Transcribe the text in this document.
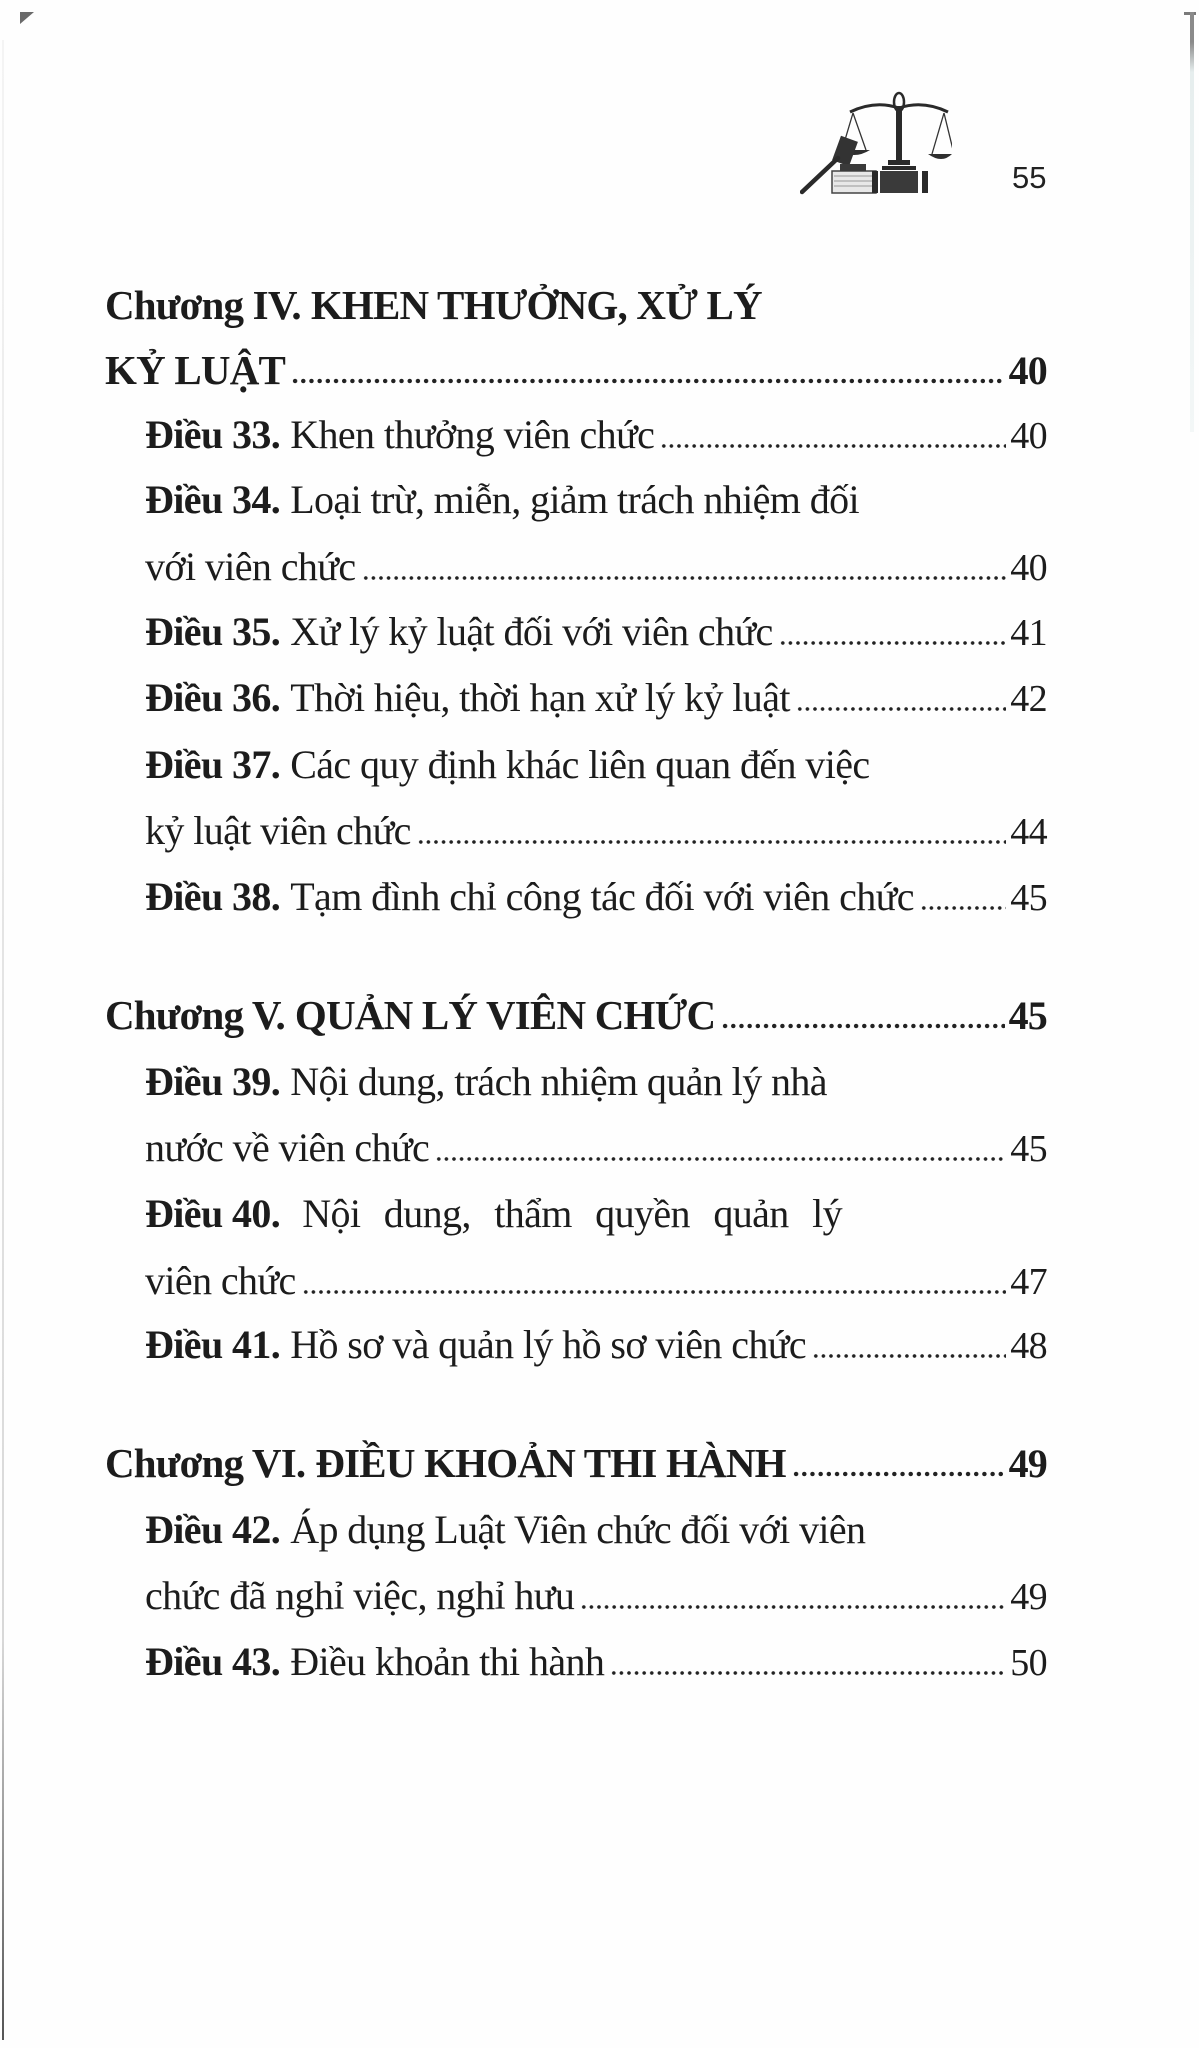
55
Chương IV. KHEN THƯỞNG, XỬ LÝ
KỶ LUẬT	40
Điều 33. Khen thưởng viên chức	40
Điều 34. Loại trừ, miễn, giảm trách nhiệm đối
với viên chức	40
Điều 35. Xử lý kỷ luật đối với viên chức	41
Điều 36. Thời hiệu, thời hạn xử lý kỷ luật	42
Điều 37. Các quy định khác liên quan đến việc
kỷ luật viên chức	44
Điều 38. Tạm đình chỉ công tác đối với viên chức	45
Chương V. QUẢN LÝ VIÊN CHỨC	45
Điều 39. Nội dung, trách nhiệm quản lý nhà
nước về viên chức	45
Điều 40. Nội dung, thẩm quyền quản lý
viên chức	47
Điều 41. Hồ sơ và quản lý hồ sơ viên chức	48
Chương VI. ĐIỀU KHOẢN THI HÀNH	49
Điều 42. Áp dụng Luật Viên chức đối với viên
chức đã nghỉ việc, nghỉ hưu	49
Điều 43. Điều khoản thi hành	50
